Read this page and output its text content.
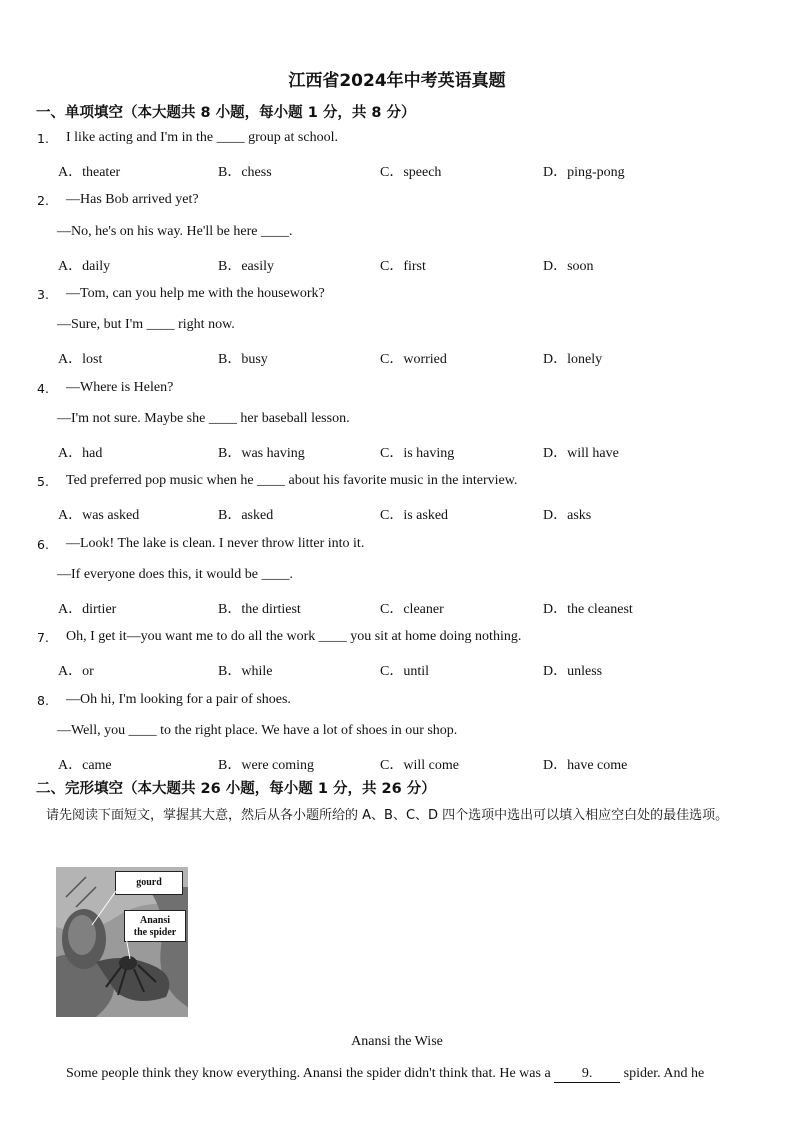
江西省2024年中考英语真题
一、单项填空（本大题共 8 小题，每小题 1 分，共 8 分）
1. I like acting and I'm in the ____ group at school.
A．theater	B．chess	C．speech	D．ping-pong
2. —Has Bob arrived yet?
—No, he's on his way. He'll be here ____.
A．daily	B．easily	C．first	D．soon
3. —Tom, can you help me with the housework?
—Sure, but I'm ____ right now.
A．lost	B．busy	C．worried	D．lonely
4. —Where is Helen?
—I'm not sure. Maybe she ____ her baseball lesson.
A．had	B．was having	C．is having	D．will have
5. Ted preferred pop music when he ____ about his favorite music in the interview.
A．was asked	B．asked	C．is asked	D．asks
6. —Look! The lake is clean. I never throw litter into it.
—If everyone does this, it would be ____.
A．dirtier	B．the dirtiest	C．cleaner	D．the cleanest
7. Oh, I get it—you want me to do all the work ____ you sit at home doing nothing.
A．or	B．while	C．until	D．unless
8. —Oh hi, I'm looking for a pair of shoes.
—Well, you ____ to the right place. We have a lot of shoes in our shop.
A．came	B．were coming	C．will come	D．have come
二、完形填空（本大题共 26 小题，每小题 1 分，共 26 分）
请先阅读下面短文，掌握其大意，然后从各小题所给的 A、B、C、D 四个选项中选出可以填入相应空白处的最佳选项。
gourd
Anansi
the spider
Anansi the Wise
Some people think they know everything. Anansi the spider didn't think that. He was a 9. spider. And he
